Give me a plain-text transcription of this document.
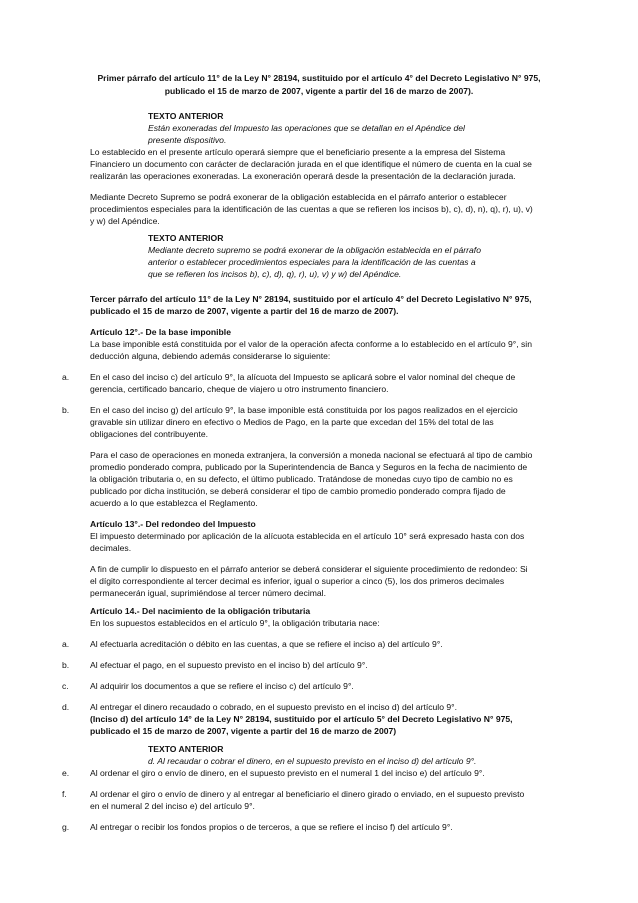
Primer párrafo del artículo 11° de la Ley N° 28194, sustituido por el artículo 4° del Decreto Legislativo N° 975,
publicado el 15 de marzo de 2007, vigente a partir del 16 de marzo de 2007).
TEXTO ANTERIOR
Están exoneradas del Impuesto las operaciones que se detallan en el Apéndice del
presente dispositivo.
Lo establecido en el presente artículo operará siempre que el beneficiario presente a la empresa del Sistema
Financiero un documento con carácter de declaración jurada en el que identifique el número de cuenta en la cual se
realizarán las operaciones exoneradas. La exoneración operará desde la presentación de la declaración jurada.
Mediante Decreto Supremo se podrá exonerar de la obligación establecida en el párrafo anterior o establecer
procedimientos especiales para la identificación de las cuentas a que se refieren los incisos b), c), d), n), q), r), u), v)
y w) del Apéndice.
TEXTO ANTERIOR
Mediante decreto supremo se podrá exonerar de la obligación establecida en el párrafo
anterior o establecer procedimientos especiales para la identificación de las cuentas a
que se refieren los incisos b), c), d), q), r), u), v) y w) del Apéndice.
Tercer párrafo del artículo 11° de la Ley N° 28194, sustituido por el artículo 4° del Decreto Legislativo N° 975,
publicado el 15 de marzo de 2007, vigente a partir del 16 de marzo de 2007).
Artículo 12°.- De la base imponible
La base imponible está constituida por el valor de la operación afecta conforme a lo establecido en el artículo 9°, sin
deducción alguna, debiendo además considerarse lo siguiente:
a. En el caso del inciso c) del artículo 9°, la alícuota del Impuesto se aplicará sobre el valor nominal del cheque de
gerencia, certificado bancario, cheque de viajero u otro instrumento financiero.
b. En el caso del inciso g) del artículo 9°, la base imponible está constituida por los pagos realizados en el ejercicio
gravable sin utilizar dinero en efectivo o Medios de Pago, en la parte que excedan del 15% del total de las
obligaciones del contribuyente.
Para el caso de operaciones en moneda extranjera, la conversión a moneda nacional se efectuará al tipo de cambio
promedio ponderado compra, publicado por la Superintendencia de Banca y Seguros en la fecha de nacimiento de
la obligación tributaria o, en su defecto, el último publicado. Tratándose de monedas cuyo tipo de cambio no es
publicado por dicha institución, se deberá considerar el tipo de cambio promedio ponderado compra fijado de
acuerdo a lo que establezca el Reglamento.
Artículo 13°.- Del redondeo del Impuesto
El impuesto determinado por aplicación de la alícuota establecida en el artículo 10° será expresado hasta con dos
decimales.
A fin de cumplir lo dispuesto en el párrafo anterior se deberá considerar el siguiente procedimiento de redondeo: Si
el dígito correspondiente al tercer decimal es inferior, igual o superior a cinco (5), los dos primeros decimales
permanecerán igual, suprimiéndose al tercer número decimal.
Artículo 14.- Del nacimiento de la obligación tributaria
En los supuestos establecidos en el artículo 9°, la obligación tributaria nace:
a. Al efectuarla acreditación o débito en las cuentas, a que se refiere el inciso a) del artículo 9°.
b. Al efectuar el pago, en el supuesto previsto en el inciso b) del artículo 9°.
c. Al adquirir los documentos a que se refiere el inciso c) del artículo 9°.
d. Al entregar el dinero recaudado o cobrado, en el supuesto previsto en el inciso d) del artículo 9°.
(Inciso d) del artículo 14° de la Ley N° 28194, sustituido por el artículo 5° del Decreto Legislativo N° 975,
publicado el 15 de marzo de 2007, vigente a partir del 16 de marzo de 2007)
TEXTO ANTERIOR
d. Al recaudar o cobrar el dinero, en el supuesto previsto en el inciso d) del artículo 9°.
e. Al ordenar el giro o envío de dinero, en el supuesto previsto en el numeral 1 del inciso e) del artículo 9°.
f.	Al ordenar el giro o envío de dinero y al entregar al beneficiario el dinero girado o enviado, en el supuesto previsto
en el numeral 2 del inciso e) del artículo 9°.
g. Al entregar o recibir los fondos propios o de terceros, a que se refiere el inciso f) del artículo 9°.
